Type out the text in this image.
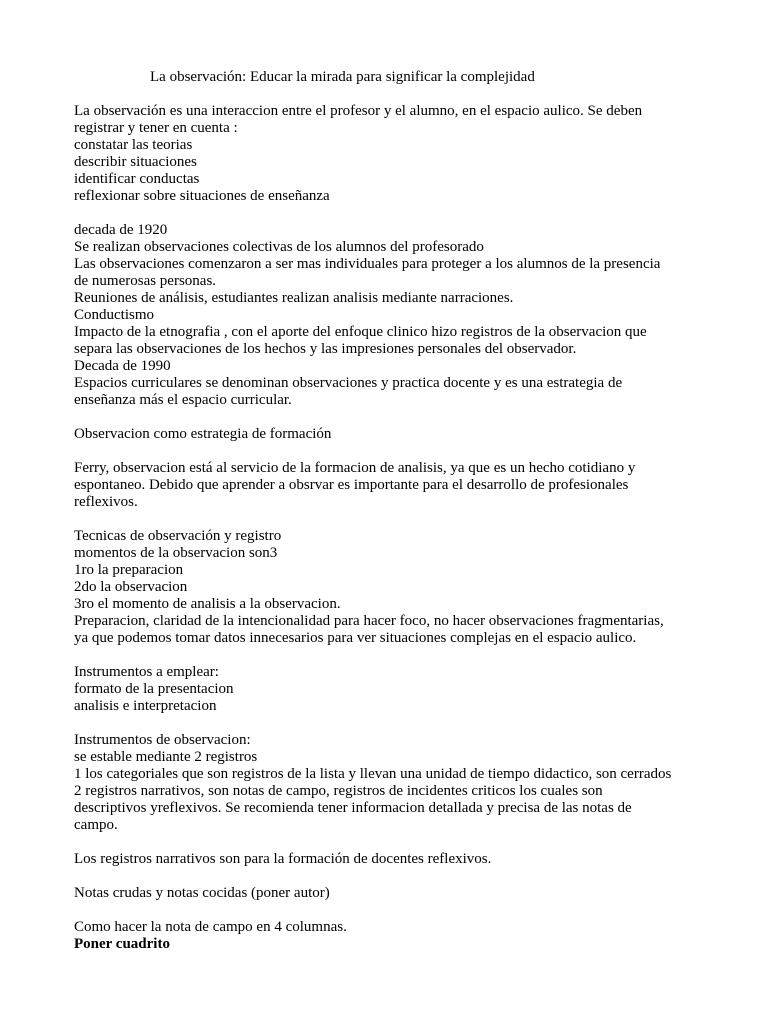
La observación: Educar la mirada para significar la complejidad
La observación es una interaccion entre el profesor y el alumno, en el espacio aulico. Se deben
registrar y tener en cuenta :
constatar las teorias
describir situaciones
identificar conductas
reflexionar sobre situaciones de enseñanza
decada de 1920
Se realizan observaciones colectivas de los alumnos del profesorado
Las observaciones comenzaron a ser mas individuales para proteger a los alumnos de la presencia
de numerosas personas.
Reuniones de análisis, estudiantes realizan analisis mediante narraciones.
Conductismo
Impacto de la etnografia , con el aporte del enfoque clinico hizo registros de la observacion que
separa las observaciones de los hechos y las impresiones personales del observador.
Decada de 1990
Espacios curriculares se denominan observaciones y practica docente y es una estrategia de
enseñanza más el espacio curricular.
Observacion como estrategia de formación
Ferry, observacion está al servicio de la formacion de analisis, ya que es un hecho cotidiano y
espontaneo. Debido que aprender a obsrvar es importante para el desarrollo de profesionales
reflexivos.
Tecnicas de observación y registro
momentos de la observacion son3
1ro la preparacion
2do la observacion
3ro el momento de analisis a la observacion.
Preparacion, claridad de la intencionalidad para hacer foco, no hacer observaciones fragmentarias,
ya que podemos tomar datos innecesarios para ver situaciones complejas en el espacio aulico.
Instrumentos a emplear:
formato de la presentacion
analisis e interpretacion
Instrumentos de observacion:
se estable mediante 2 registros
1 los categoriales que son registros de la lista y llevan una unidad de tiempo didactico, son cerrados
2 registros narrativos, son notas de campo, registros de incidentes criticos los cuales son
descriptivos yreflexivos. Se recomienda tener informacion detallada y precisa de las notas de
campo.
Los registros narrativos son para la formación de docentes reflexivos.
Notas crudas y notas cocidas (poner autor)
Como hacer la nota de campo en 4 columnas.
Poner cuadrito
